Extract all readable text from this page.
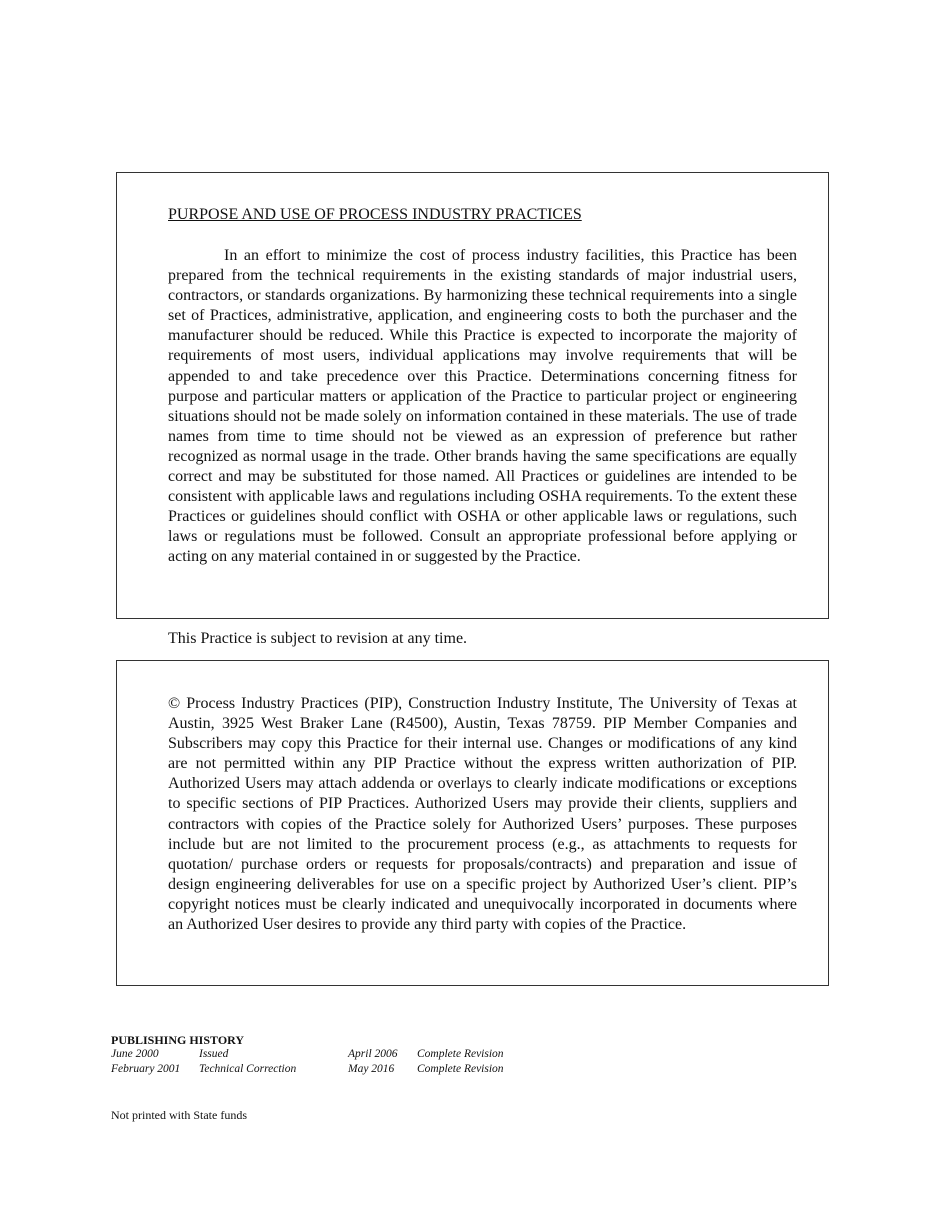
PURPOSE AND USE OF PROCESS INDUSTRY PRACTICES

In an effort to minimize the cost of process industry facilities, this Practice has been prepared from the technical requirements in the existing standards of major industrial users, contractors, or standards organizations. By harmonizing these technical requirements into a single set of Practices, administrative, application, and engineering costs to both the purchaser and the manufacturer should be reduced. While this Practice is expected to incorporate the majority of requirements of most users, individual applications may involve requirements that will be appended to and take precedence over this Practice. Determinations concerning fitness for purpose and particular matters or application of the Practice to particular project or engineering situations should not be made solely on information contained in these materials. The use of trade names from time to time should not be viewed as an expression of preference but rather recognized as normal usage in the trade. Other brands having the same specifications are equally correct and may be substituted for those named. All Practices or guidelines are intended to be consistent with applicable laws and regulations including OSHA requirements. To the extent these Practices or guidelines should conflict with OSHA or other applicable laws or regulations, such laws or regulations must be followed. Consult an appropriate professional before applying or acting on any material contained in or suggested by the Practice.

This Practice is subject to revision at any time.

© Process Industry Practices (PIP), Construction Industry Institute, The University of Texas at Austin, 3925 West Braker Lane (R4500), Austin, Texas 78759. PIP Member Companies and Subscribers may copy this Practice for their internal use. Changes or modifications of any kind are not permitted within any PIP Practice without the express written authorization of PIP. Authorized Users may attach addenda or overlays to clearly indicate modifications or exceptions to specific sections of PIP Practices. Authorized Users may provide their clients, suppliers and contractors with copies of the Practice solely for Authorized Users’ purposes. These purposes include but are not limited to the procurement process (e.g., as attachments to requests for quotation/ purchase orders or requests for proposals/contracts) and preparation and issue of design engineering deliverables for use on a specific project by Authorized User’s client. PIP’s copyright notices must be clearly indicated and unequivocally incorporated in documents where an Authorized User desires to provide any third party with copies of the Practice.

PUBLISHING HISTORY
June 2000	Issued
February 2001 Technical Correction
April 2006 Complete Revision
May 2016 Complete Revision
Not printed with State funds
